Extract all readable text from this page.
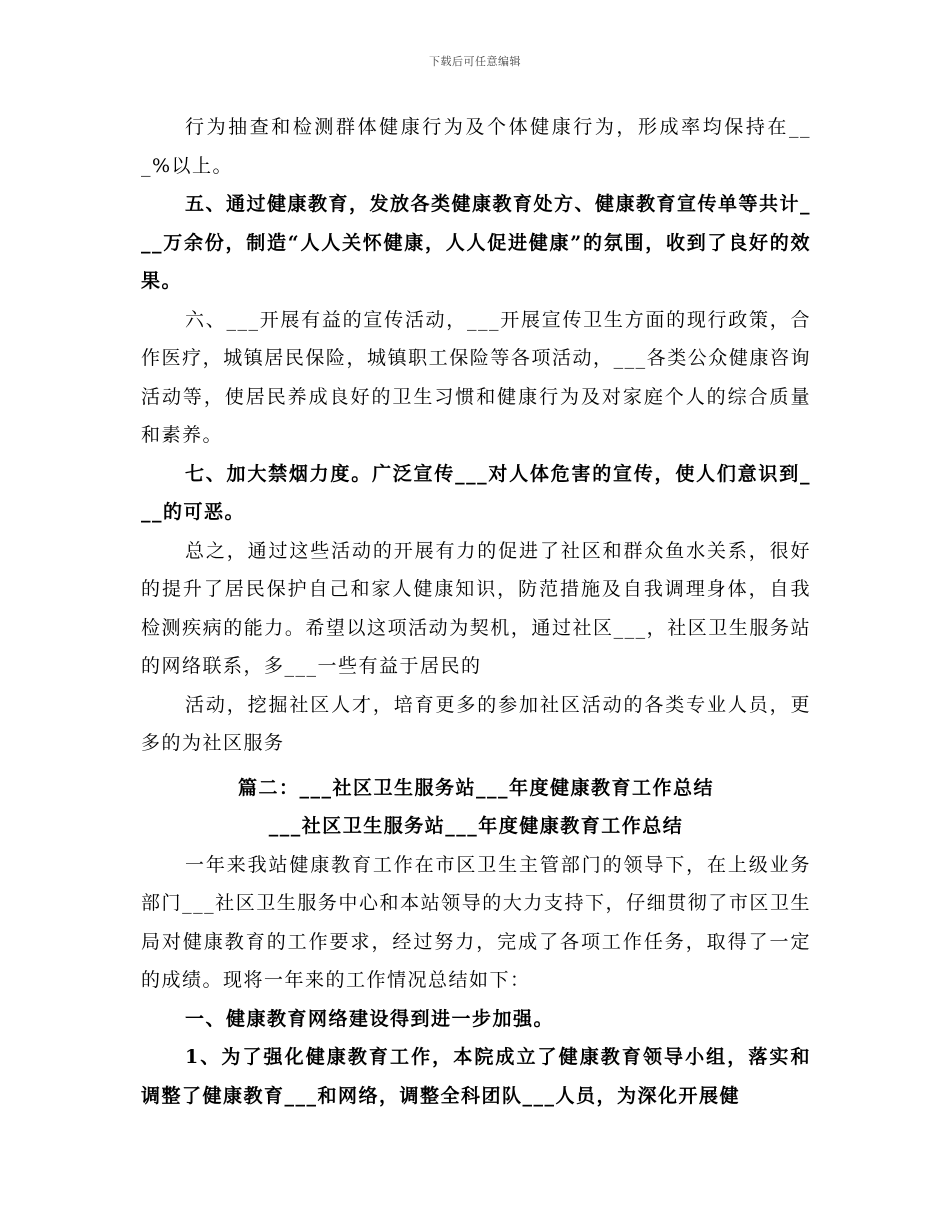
下载后可任意编辑

行为抽查和检测群体健康行为及个体健康行为，形成率均保持在___%以上。

五、通过健康教育，发放各类健康教育处方、健康教育宣传单等共计___万余份，制造“人人关怀健康，人人促进健康”的氛围，收到了良好的效果。

六、___开展有益的宣传活动，___开展宣传卫生方面的现行政策，合作医疗，城镇居民保险，城镇职工保险等各项活动，___各类公众健康咨询活动等，使居民养成良好的卫生习惯和健康行为及对家庭个人的综合质量和素养。

七、加大禁烟力度。广泛宣传___对人体危害的宣传，使人们意识到___的可恶。

总之，通过这些活动的开展有力的促进了社区和群众鱼水关系，很好的提升了居民保护自己和家人健康知识，防范措施及自我调理身体，自我检测疾病的能力。希望以这项活动为契机，通过社区___，社区卫生服务站的网络联系，多___一些有益于居民的

活动，挖掘社区人才，培育更多的参加社区活动的各类专业人员，更多的为社区服务

篇二：___社区卫生服务站___年度健康教育工作总结

___社区卫生服务站___年度健康教育工作总结

一年来我站健康教育工作在市区卫生主管部门的领导下，在上级业务部门___社区卫生服务中心和本站领导的大力支持下，仔细贯彻了市区卫生局对健康教育的工作要求，经过努力，完成了各项工作任务，取得了一定的成绩。现将一年来的工作情况总结如下：

一、健康教育网络建设得到进一步加强。

1、为了强化健康教育工作，本院成立了健康教育领导小组，落实和调整了健康教育___和网络，调整全科团队___人员，为深化开展健
